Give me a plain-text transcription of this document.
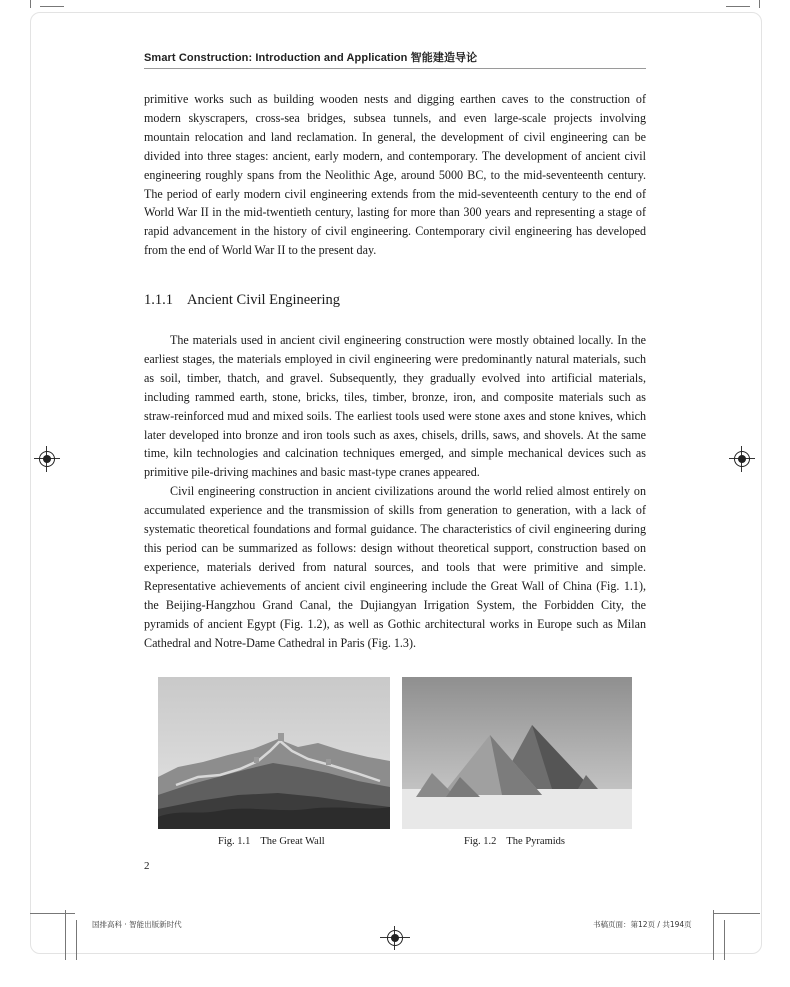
Smart Construction: Introduction and Application 智能建造导论

primitive works such as building wooden nests and digging earthen caves to the construction of modern skyscrapers, cross-sea bridges, subsea tunnels, and even large-scale projects involving mountain relocation and land reclamation. In general, the development of civil engineering can be divided into three stages: ancient, early modern, and contemporary. The development of ancient civil engineering roughly spans from the Neolithic Age, around 5000 BC, to the mid-seventeenth century. The period of early modern civil engineering extends from the mid-seventeenth century to the end of World War II in the mid-twentieth century, lasting for more than 300 years and representing a stage of rapid advancement in the history of civil engineering. Contemporary civil engineering has developed from the end of World War II to the present day.

1.1.1 Ancient Civil Engineering

The materials used in ancient civil engineering construction were mostly obtained locally. In the earliest stages, the materials employed in civil engineering were predominantly natural materials, such as soil, timber, thatch, and gravel. Subsequently, they gradually evolved into artificial materials, including rammed earth, stone, bricks, tiles, timber, bronze, iron, and composite materials such as straw-reinforced mud and mixed soils. The earliest tools used were stone axes and stone knives, which later developed into bronze and iron tools such as axes, chisels, drills, saws, and shovels. At the same time, kiln technologies and calcination techniques emerged, and simple mechanical devices such as primitive pile-driving machines and basic mast-type cranes appeared.

Civil engineering construction in ancient civilizations around the world relied almost entirely on accumulated experience and the transmission of skills from generation to generation, with a lack of systematic theoretical foundations and formal guidance. The characteristics of civil engineering during this period can be summarized as follows: design without theoretical support, construction based on experience, materials derived from natural sources, and tools that were primitive and simple. Representative achievements of ancient civil engineering include the Great Wall of China (Fig. 1.1), the Beijing-Hangzhou Grand Canal, the Dujiangyan Irrigation System, the Forbidden City, the pyramids of ancient Egypt (Fig. 1.2), as well as Gothic architectural works in Europe such as Milan Cathedral and Notre-Dame Cathedral in Paris (Fig. 1.3).

Fig. 1.1 The Great Wall	Fig. 1.2 The Pyramids
2
国排高科 · 智能出版新时代	书稿页面：第12页 / 共194页
